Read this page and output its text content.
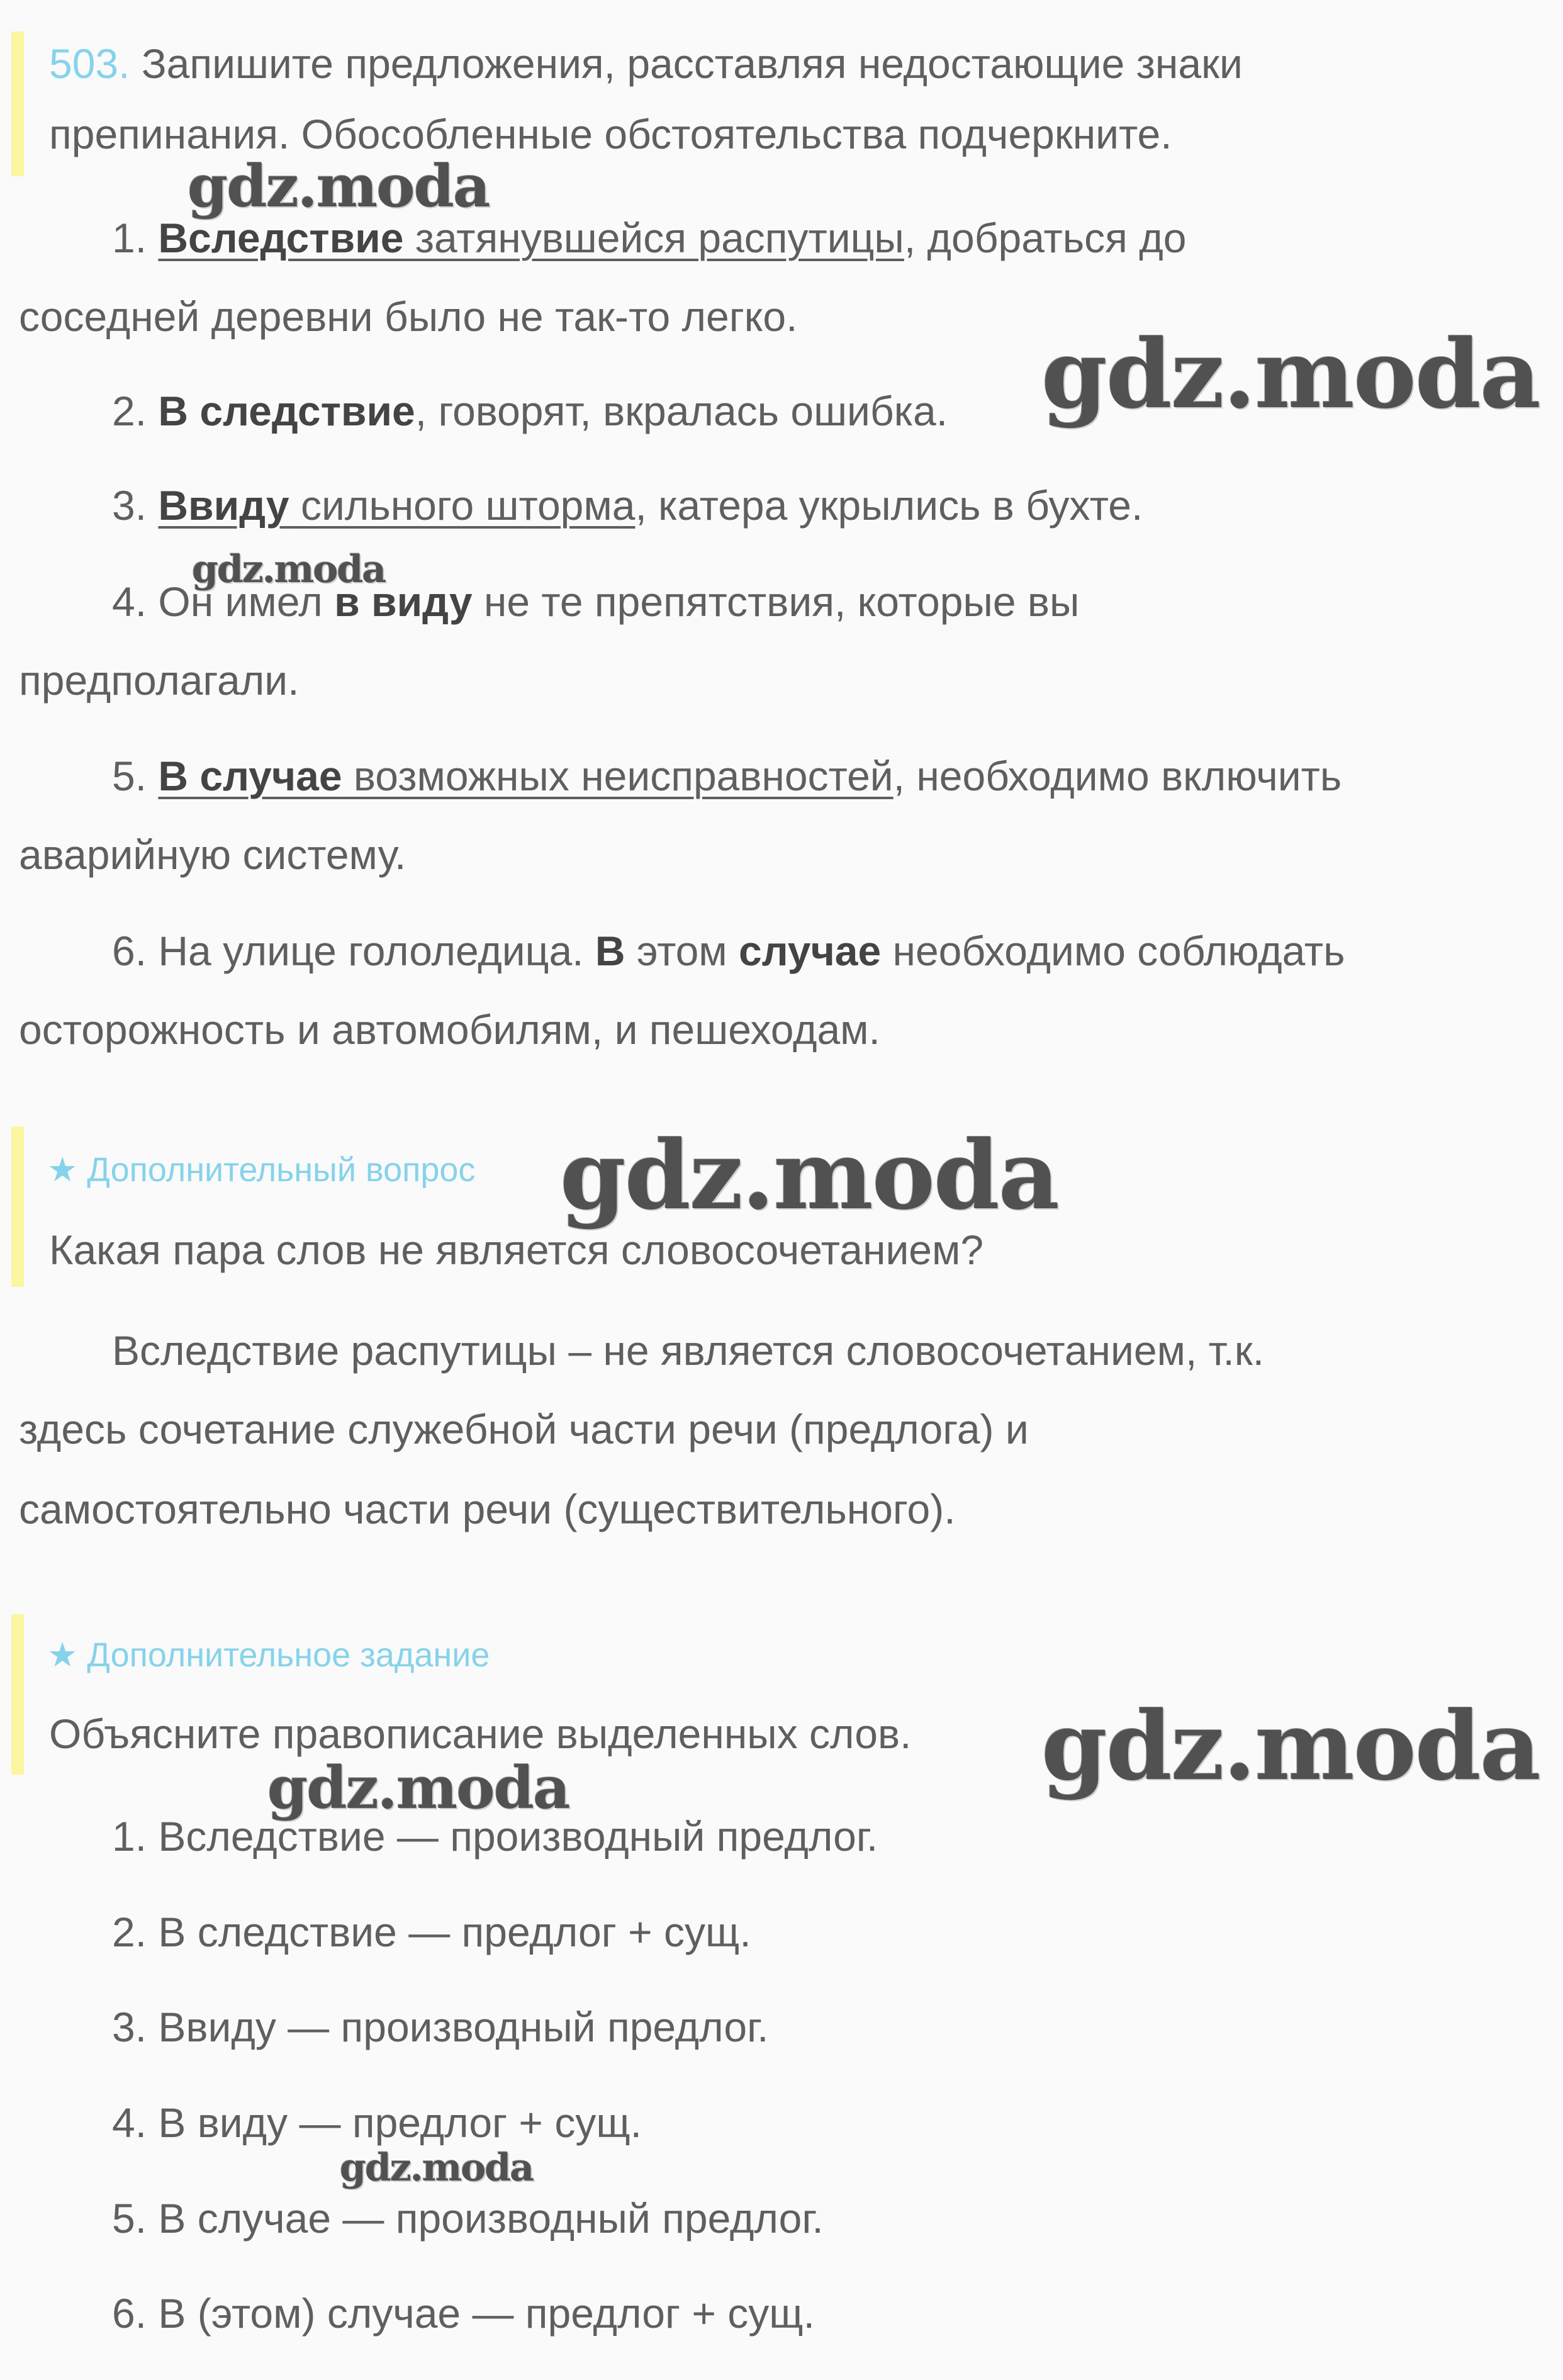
503. Запишите предложения, расставляя недостающие знаки
препинания. Обособленные обстоятельства подчеркните.
1. Вследствие затянувшейся распутицы, добраться до
соседней деревни было не так-то легко.
2. В следствие, говорят, вкралась ошибка.
3. Ввиду сильного шторма, катера укрылись в бухте.
4. Он имел в виду не те препятствия, которые вы
предполагали.
5. В случае возможных неисправностей, необходимо включить
аварийную систему.
6. На улице гололедица. В этом случае необходимо соблюдать
осторожность и автомобилям, и пешеходам.
★ Дополнительный вопрос
Какая пара слов не является словосочетанием?
Вследствие распутицы – не является словосочетанием, т.к.
здесь сочетание служебной части речи (предлога) и
самостоятельно части речи (существительного).
★ Дополнительное задание
Объясните правописание выделенных слов.
1. Вследствие — производный предлог.
2. В следствие — предлог + сущ.
3. Ввиду — производный предлог.
4. В виду — предлог + сущ.
5. В случае — производный предлог.
6. В (этом) случае — предлог + сущ.
gdz.moda
gdz.moda
gdz.moda
gdz.moda
gdz.moda
gdz.moda
gdz.moda
